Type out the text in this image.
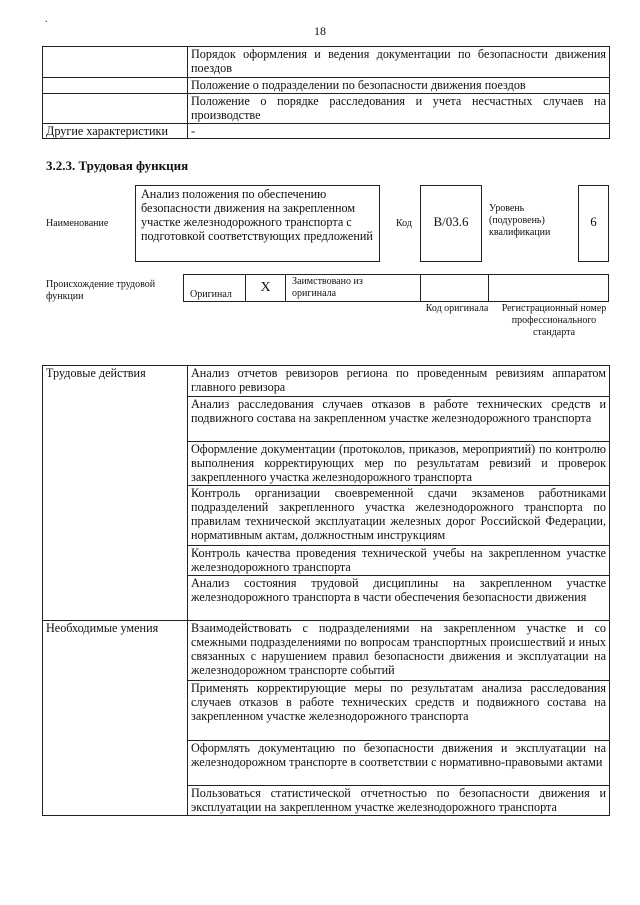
.
18
	Порядок оформления и ведения документации по безопасности движения поездов
	Положение о подразделении по безопасности движения поездов
	Положение о порядке расследования и учета несчастных случаев на производстве
Другие характеристики	-
3.2.3. Трудовая функция
Наименование
Анализ положения по обеспечению безопасности движения на закрепленном участке железнодорожного транспорта с подготовкой соответствующих предложений
Код	В/03.6
Уровень (подуровень) квалификации
6
Происхождение трудовой функции	Оригинал	Х	Заимствовано из оригинала
Код оригинала	Регистрационный номер профессионального стандарта
Трудовые действия	Анализ отчетов ревизоров региона по проведенным ревизиям аппаратом главного ревизора
	Анализ расследования случаев отказов в работе технических средств и подвижного состава на закрепленном участке железнодорожного транспорта
	Оформление документации (протоколов, приказов, мероприятий) по контролю выполнения корректирующих мер по результатам ревизий и проверок закрепленного участка железнодорожного транспорта
	Контроль организации своевременной сдачи экзаменов работниками подразделений закрепленного участка железнодорожного транспорта по правилам технической эксплуатации железных дорог Российской Федерации, нормативным актам, должностным инструкциям
	Контроль качества проведения технической учебы на закрепленном участке железнодорожного транспорта
	Анализ состояния трудовой дисциплины на закрепленном участке железнодорожного транспорта в части обеспечения безопасности движения
Необходимые умения	Взаимодействовать с подразделениями на закрепленном участке и со смежными подразделениями по вопросам транспортных происшествий и иных связанных с нарушением правил безопасности движения и эксплуатации на железнодорожном транспорте событий
	Применять корректирующие меры по результатам анализа расследования случаев отказов в работе технических средств и подвижного состава на закрепленном участке железнодорожного транспорта
	Оформлять документацию по безопасности движения и эксплуатации на железнодорожном транспорте в соответствии с нормативно-правовыми актами
	Пользоваться статистической отчетностью по безопасности движения и эксплуатации на закрепленном участке железнодорожного транспорта
